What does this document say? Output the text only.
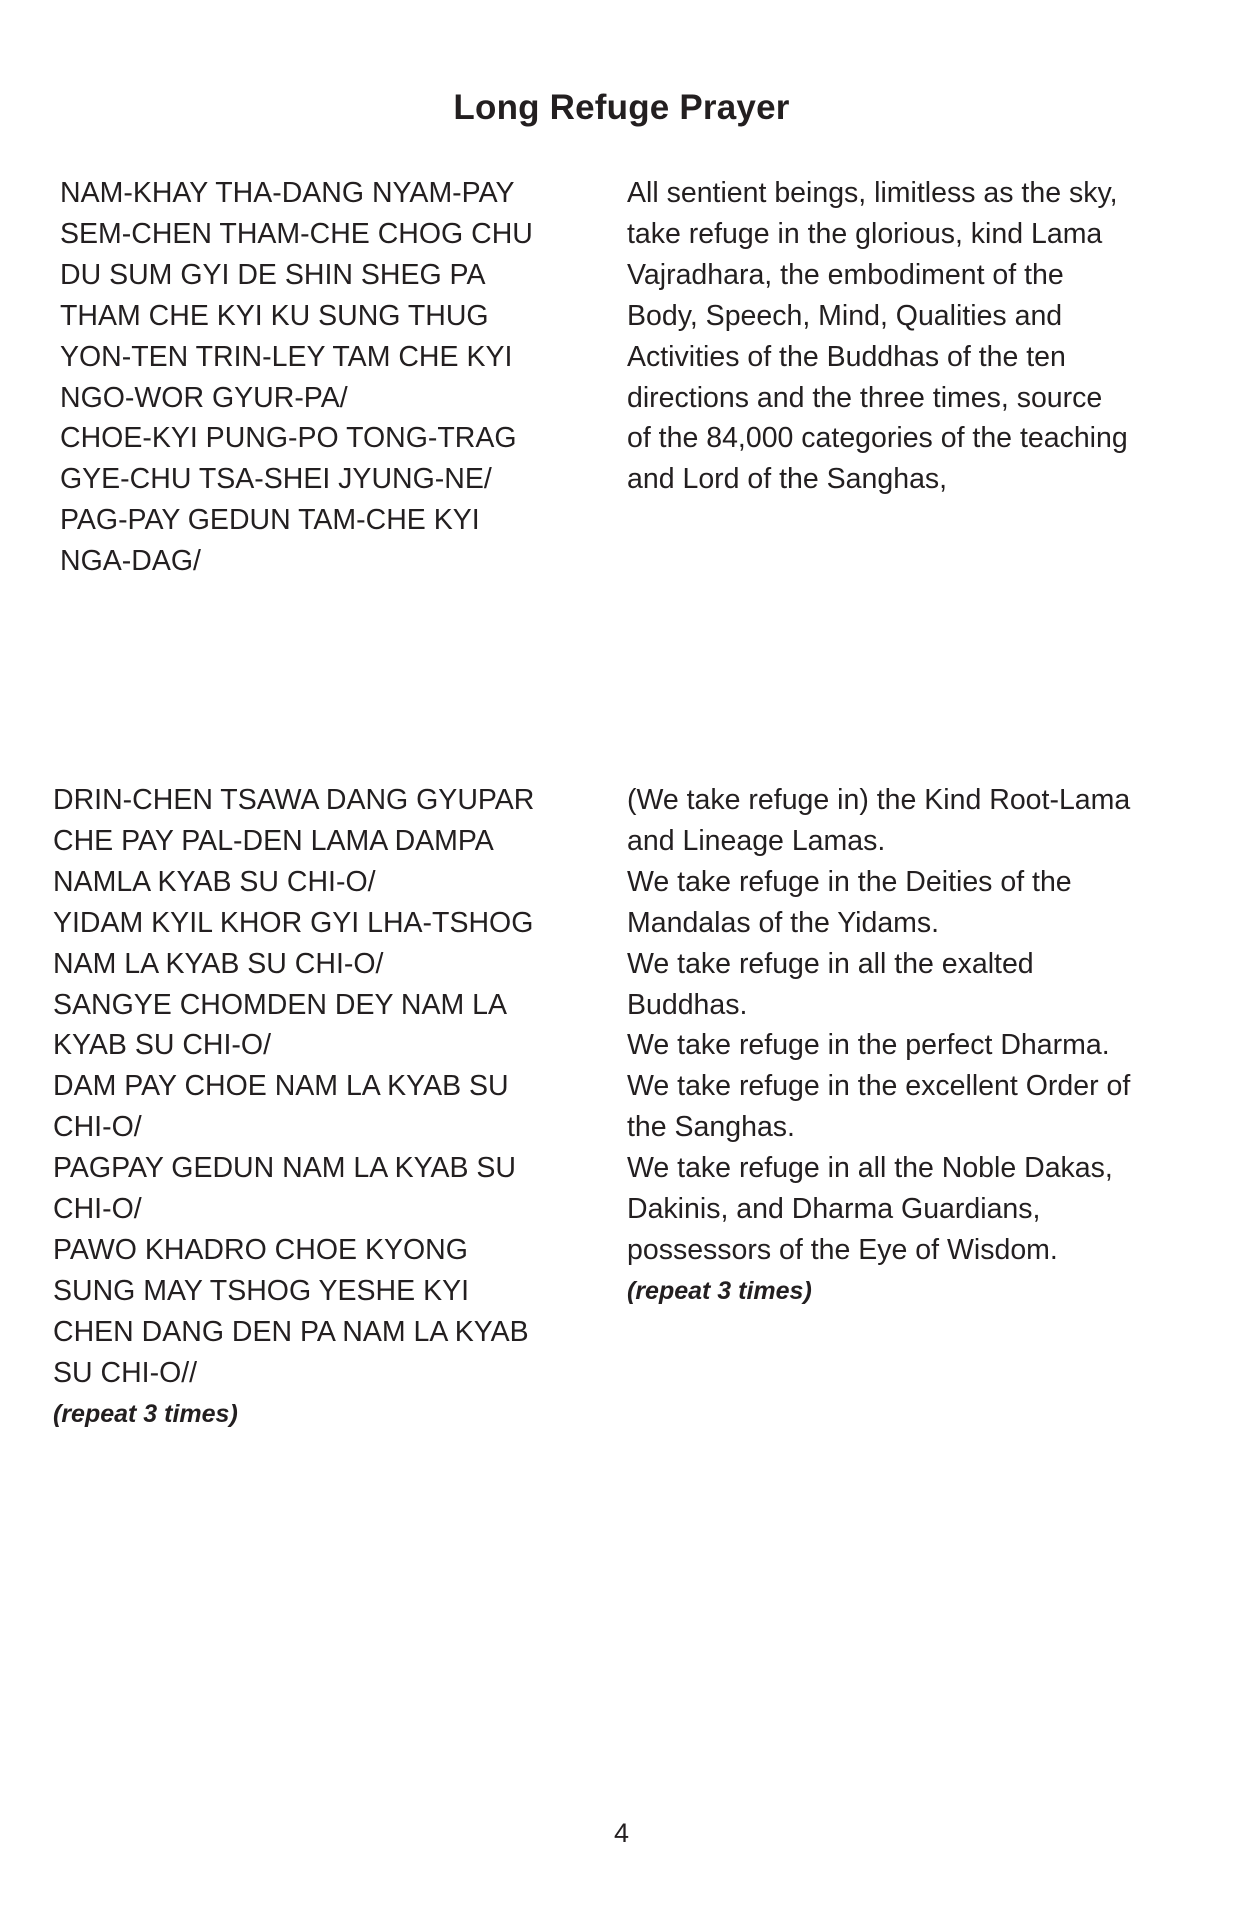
Long Refuge Prayer
NAM-KHAY THA-DANG NYAM-PAY
SEM-CHEN THAM-CHE CHOG CHU
DU SUM GYI DE SHIN SHEG PA
THAM CHE KYI KU SUNG THUG
YON-TEN TRIN-LEY TAM CHE KYI
NGO-WOR GYUR-PA/
CHOE-KYI PUNG-PO TONG-TRAG
GYE-CHU TSA-SHEI JYUNG-NE/
PAG-PAY GEDUN TAM-CHE KYI
NGA-DAG/
All sentient beings, limitless as the sky,
take refuge in the glorious, kind Lama
Vajradhara, the embodiment of the
Body, Speech, Mind, Qualities and
Activities of the Buddhas of the ten
directions and the three times, source
of the 84,000 categories of the teaching
and Lord of the Sanghas,
DRIN-CHEN TSAWA DANG GYUPAR
CHE PAY PAL-DEN LAMA DAMPA
NAMLA KYAB SU CHI-O/
YIDAM KYIL KHOR GYI LHA-TSHOG
NAM LA KYAB SU CHI-O/
SANGYE CHOMDEN DEY NAM LA
KYAB SU CHI-O/
DAM PAY CHOE NAM LA KYAB SU
CHI-O/
PAGPAY GEDUN NAM LA KYAB SU
CHI-O/
PAWO KHADRO CHOE KYONG
SUNG MAY TSHOG YESHE KYI
CHEN DANG DEN PA NAM LA KYAB
SU CHI-O//
(repeat 3 times)
(We take refuge in) the Kind Root-Lama
and Lineage Lamas.
We take refuge in the Deities of the
Mandalas of the Yidams.
We take refuge in all the exalted
Buddhas.
We take refuge in the perfect Dharma.
We take refuge in the excellent Order of
the Sanghas.
We take refuge in all the Noble Dakas,
Dakinis, and Dharma Guardians,
possessors of the Eye of Wisdom.
(repeat 3 times)
4
